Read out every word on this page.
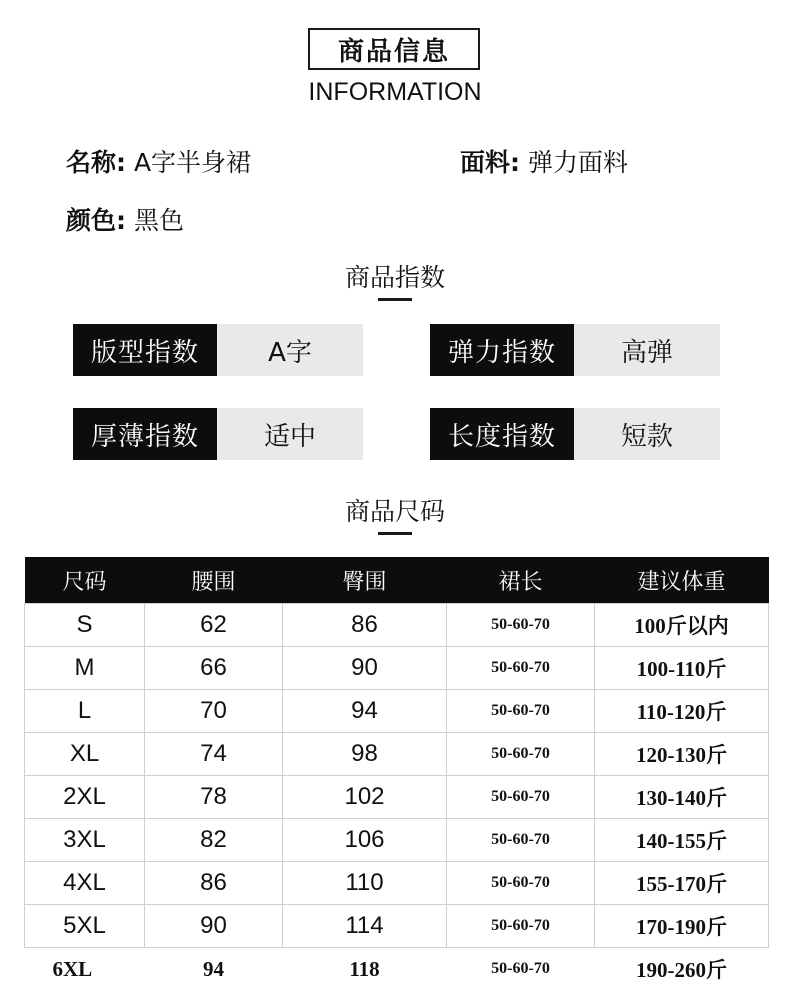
商品信息
INFORMATION
名称: A字半身裙	面料: 弹力面料
颜色: 黑色
商品指数
版型指数	A字	弹力指数	高弹
厚薄指数	适中	长度指数	短款
商品尺码
尺码	腰围	臀围	裙长	建议体重
S	62	86	50-60-70	100斤以内
M	66	90	50-60-70	100-110斤
L	70	94	50-60-70	110-120斤
XL	74	98	50-60-70	120-130斤
2XL	78	102	50-60-70	130-140斤
3XL	82	106	50-60-70	140-155斤
4XL	86	110	50-60-70	155-170斤
5XL	90	114	50-60-70	170-190斤
6XL	94	118	50-60-70	190-260斤
